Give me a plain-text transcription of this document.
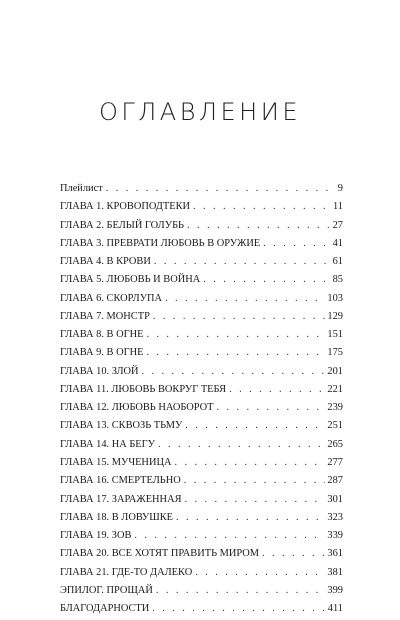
ОГЛАВЛЕНИЕ
Плейлист . . .	9
ГЛАВА 1. КРОВОПОДТЕКИ . . .	11
ГЛАВА 2. БЕЛЫЙ ГОЛУБЬ . . .	27
ГЛАВА 3. ПРЕВРАТИ ЛЮБОВЬ В ОРУЖИЕ . . .	41
ГЛАВА 4. В КРОВИ . . .	61
ГЛАВА 5. ЛЮБОВЬ И ВОЙНА . . .	85
ГЛАВА 6. СКОРЛУПА . . .	103
ГЛАВА 7. МОНСТР . . .	129
ГЛАВА 8. В ОГНЕ . . .	151
ГЛАВА 9. В ОГНЕ . . .	175
ГЛАВА 10. ЗЛОЙ . . .	201
ГЛАВА 11. ЛЮБОВЬ ВОКРУГ ТЕБЯ . . .	221
ГЛАВА 12. ЛЮБОВЬ НАОБОРОТ . . .	239
ГЛАВА 13. СКВОЗЬ ТЬМУ . . .	251
ГЛАВА 14. НА БЕГУ . . .	265
ГЛАВА 15. МУЧЕНИЦА . . .	277
ГЛАВА 16. СМЕРТЕЛЬНО . . .	287
ГЛАВА 17. ЗАРАЖЕННАЯ . . .	301
ГЛАВА 18. В ЛОВУШКЕ . . .	323
ГЛАВА 19. ЗОВ . . .	339
ГЛАВА 20. ВСЕ ХОТЯТ ПРАВИТЬ МИРОМ . . .	361
ГЛАВА 21. ГДЕ-ТО ДАЛЕКО . . .	381
ЭПИЛОГ. ПРОЩАЙ . . .	399
БЛАГОДАРНОСТИ . . .	411
